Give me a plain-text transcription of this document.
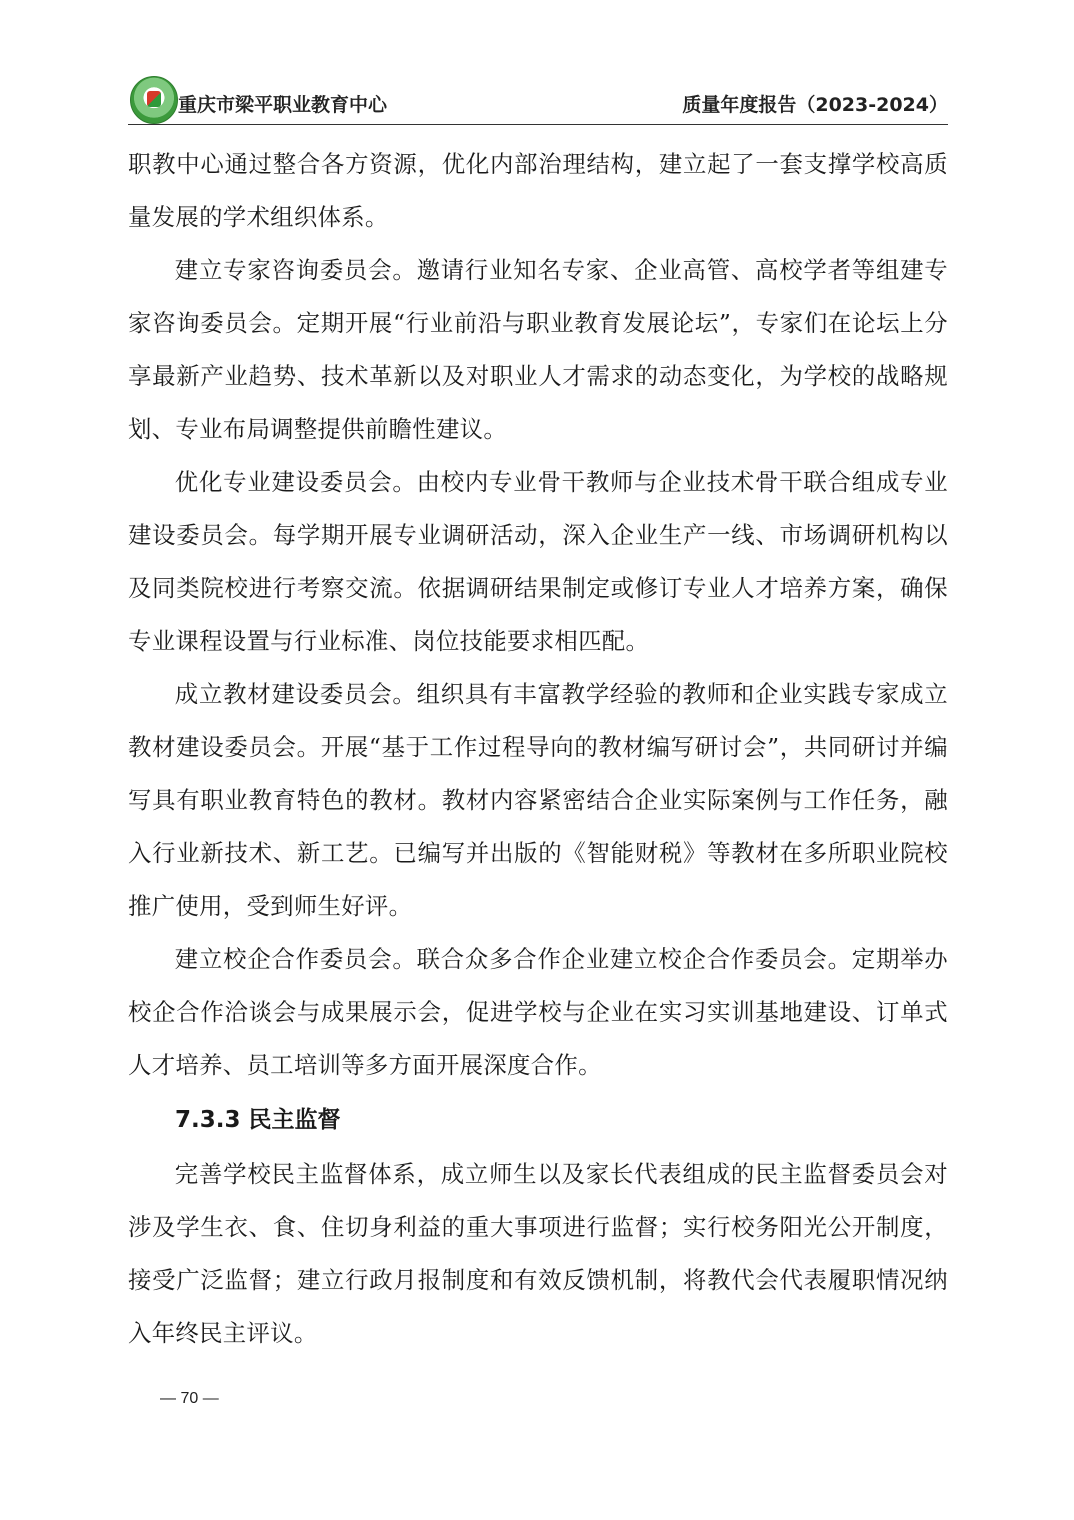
重庆市梁平职业教育中心	质量年度报告（2023-2024）

职教中心通过整合各方资源，优化内部治理结构，建立起了一套支撑学校高质量发展的学术组织体系。

建立专家咨询委员会。邀请行业知名专家、企业高管、高校学者等组建专家咨询委员会。定期开展“行业前沿与职业教育发展论坛”，专家们在论坛上分享最新产业趋势、技术革新以及对职业人才需求的动态变化，为学校的战略规划、专业布局调整提供前瞻性建议。

优化专业建设委员会。由校内专业骨干教师与企业技术骨干联合组成专业建设委员会。每学期开展专业调研活动，深入企业生产一线、市场调研机构以及同类院校进行考察交流。依据调研结果制定或修订专业人才培养方案，确保专业课程设置与行业标准、岗位技能要求相匹配。

成立教材建设委员会。组织具有丰富教学经验的教师和企业实践专家成立教材建设委员会。开展“基于工作过程导向的教材编写研讨会”，共同研讨并编写具有职业教育特色的教材。教材内容紧密结合企业实际案例与工作任务，融入行业新技术、新工艺。已编写并出版的《智能财税》等教材在多所职业院校推广使用，受到师生好评。

建立校企合作委员会。联合众多合作企业建立校企合作委员会。定期举办校企合作洽谈会与成果展示会，促进学校与企业在实习实训基地建设、订单式人才培养、员工培训等多方面开展深度合作。

7.3.3 民主监督

完善学校民主监督体系，成立师生以及家长代表组成的民主监督委员会对涉及学生衣、食、住切身利益的重大事项进行监督；实行校务阳光公开制度，接受广泛监督；建立行政月报制度和有效反馈机制，将教代会代表履职情况纳入年终民主评议。

— 70 —
